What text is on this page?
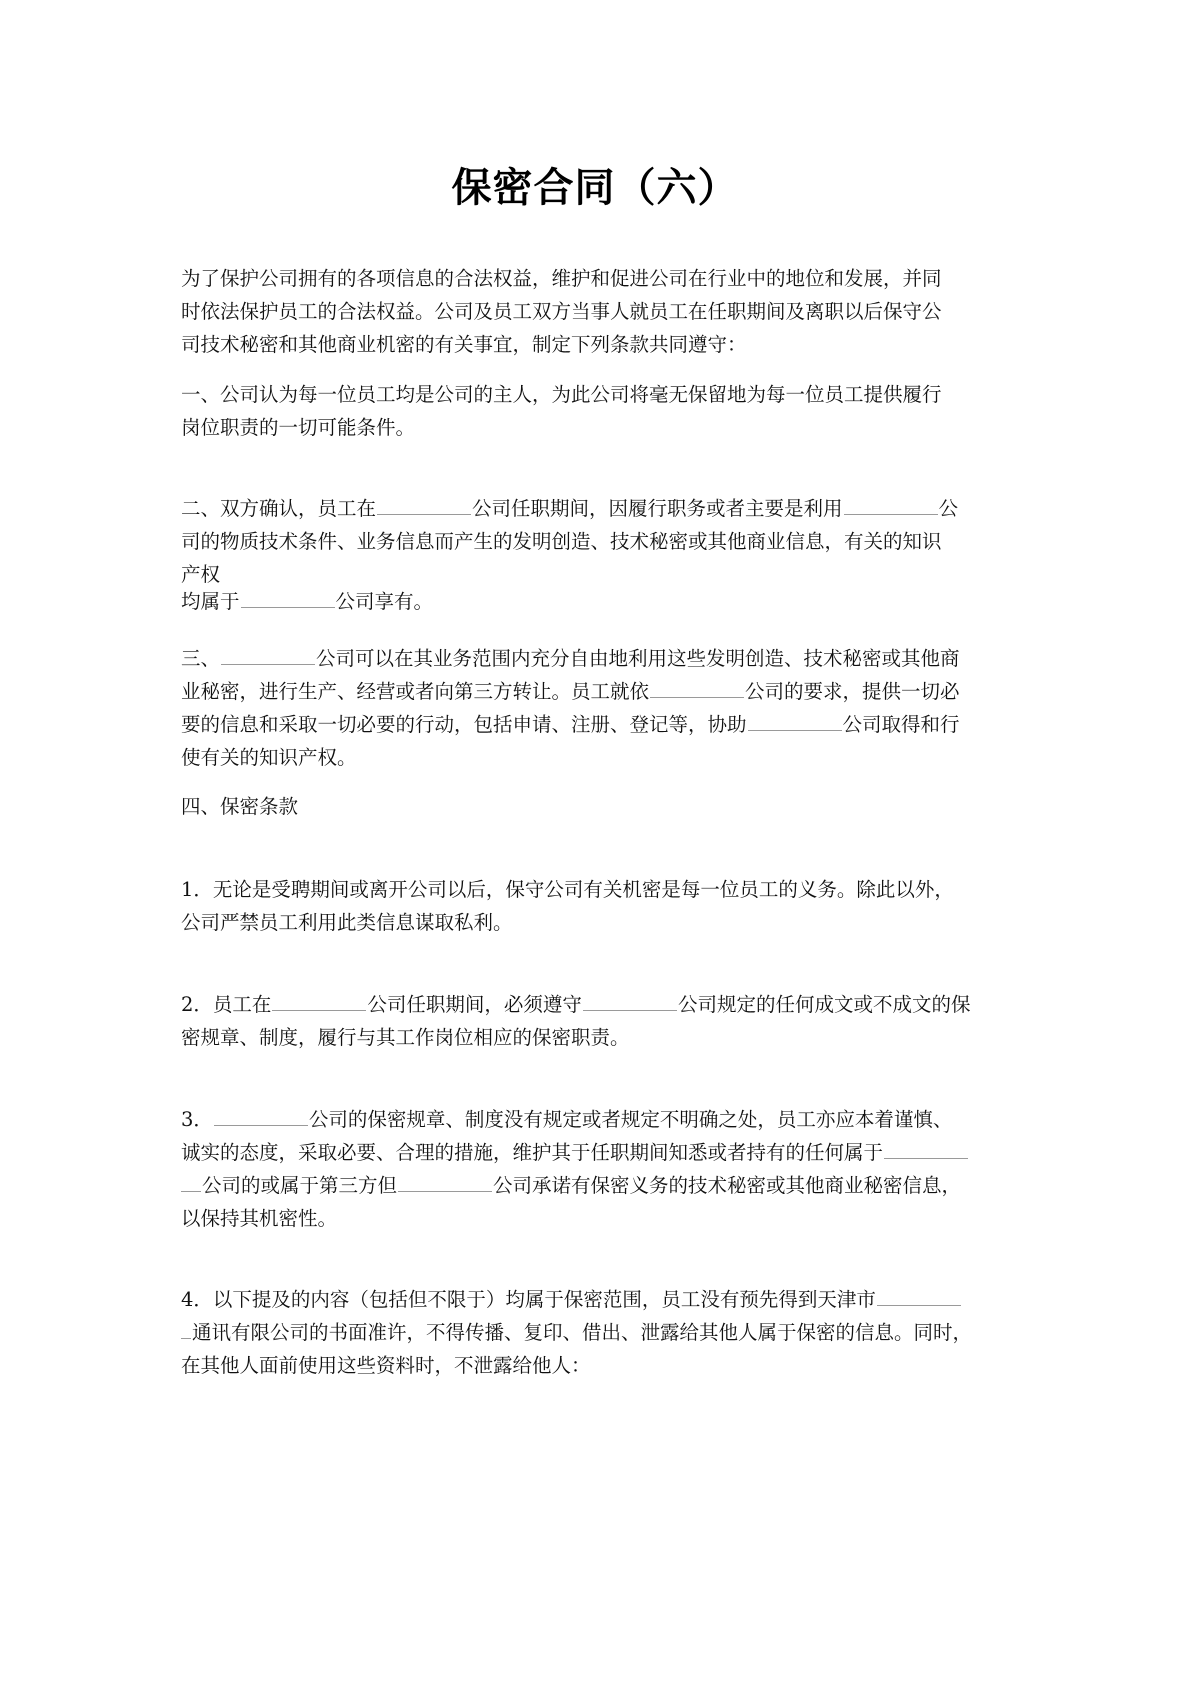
保密合同（六）
为了保护公司拥有的各项信息的合法权益，维护和促进公司在行业中的地位和发展，并同
时依法保护员工的合法权益。公司及员工双方当事人就员工在任职期间及离职以后保守公
司技术秘密和其他商业机密的有关事宜，制定下列条款共同遵守：
一、公司认为每一位员工均是公司的主人，为此公司将毫无保留地为每一位员工提供履行
岗位职责的一切可能条件。
二、双方确认，员工在	公司任职期间，因履行职务或者主要是利用	公
司的物质技术条件、业务信息而产生的发明创造、技术秘密或其他商业信息，有关的知识
产权
均属于	公司享有。
三、	公司可以在其业务范围内充分自由地利用这些发明创造、技术秘密或其他商
业秘密，进行生产、经营或者向第三方转让。员工就依	公司的要求，提供一切必
要的信息和采取一切必要的行动，包括申请、注册、登记等，协助	公司取得和行
使有关的知识产权。
四、保密条款
1．无论是受聘期间或离开公司以后，保守公司有关机密是每一位员工的义务。除此以外，
公司严禁员工利用此类信息谋取私利。
2．员工在	公司任职期间，必须遵守	公司规定的任何成文或不成文的保
密规章、制度，履行与其工作岗位相应的保密职责。
3．	公司的保密规章、制度没有规定或者规定不明确之处，员工亦应本着谨慎、
诚实的态度，采取必要、合理的措施，维护其于任职期间知悉或者持有的任何属于
公司的或属于第三方但	公司承诺有保密义务的技术秘密或其他商业秘密信息，
以保持其机密性。
4．以下提及的内容（包括但不限于）均属于保密范围，员工没有预先得到天津市
通讯有限公司的书面准许，不得传播、复印、借出、泄露给其他人属于保密的信息。同时，
在其他人面前使用这些资料时，不泄露给他人：
